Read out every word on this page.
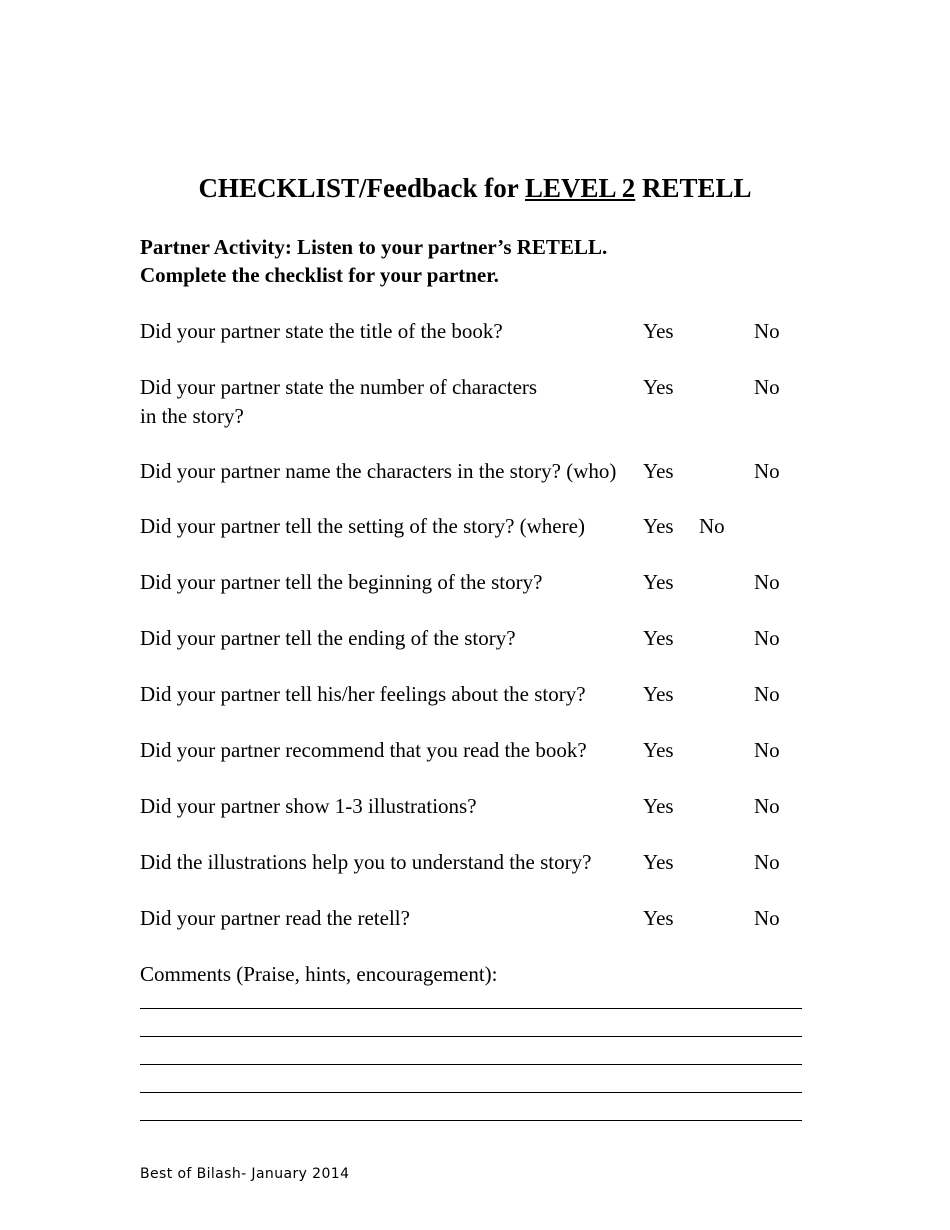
CHECKLIST/Feedback for LEVEL 2 RETELL
Partner Activity: Listen to your partner’s RETELL.
Complete the checklist for your partner.
Did your partner state the title of the book?	Yes	No
Did your partner state the number of characters
in the story?
Yes	No
Did your partner name the characters in the story? (who) Yes	No
Did your partner tell the setting of the story? (where)	Yes No
Did your partner tell the beginning of the story?	Yes	No
Did your partner tell the ending of the story?	Yes	No
Did your partner tell his/her feelings about the story?	Yes	No
Did your partner recommend that you read the book?	Yes	No
Did your partner show 1-3 illustrations?	Yes	No
Did the illustrations help you to understand the story? Yes	No
Did your partner read the retell?	Yes	No
Comments (Praise, hints, encouragement):
Best of Bilash- January 2014
